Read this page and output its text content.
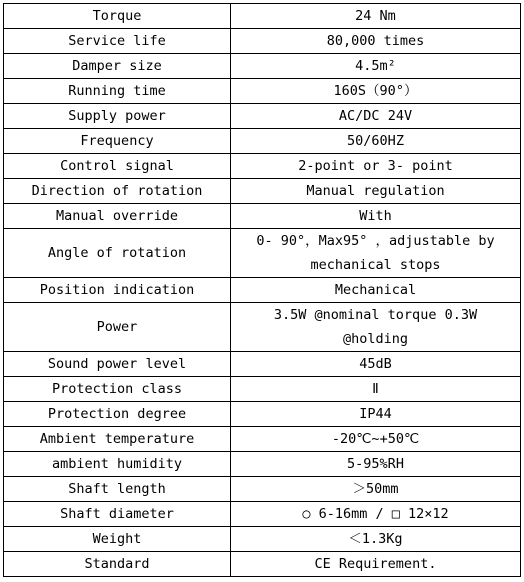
Torque	24 Nm
Service life	80,000 times
Damper size	4.5m²
Running time	160S（90°）
Supply power	AC/DC 24V
Frequency	50/60HZ
Control signal	2-point or 3- point
Direction of rotation	Manual regulation
Manual override	With
Angle of rotation	0- 90°，Max95° ，adjustable by
mechanical stops

Position indication	Mechanical
Power	3.5W @nominal torque 0.3W
@holding

Sound power level	45dB
Protection class	Ⅱ
Protection degree	IP44
Ambient temperature	-20℃~+50℃
ambient humidity	5-95%RH
Shaft length	＞50mm
Shaft diameter	○ 6-16mm / □ 12×12
Weight	＜1.3Kg
Standard	CE Requirement.
